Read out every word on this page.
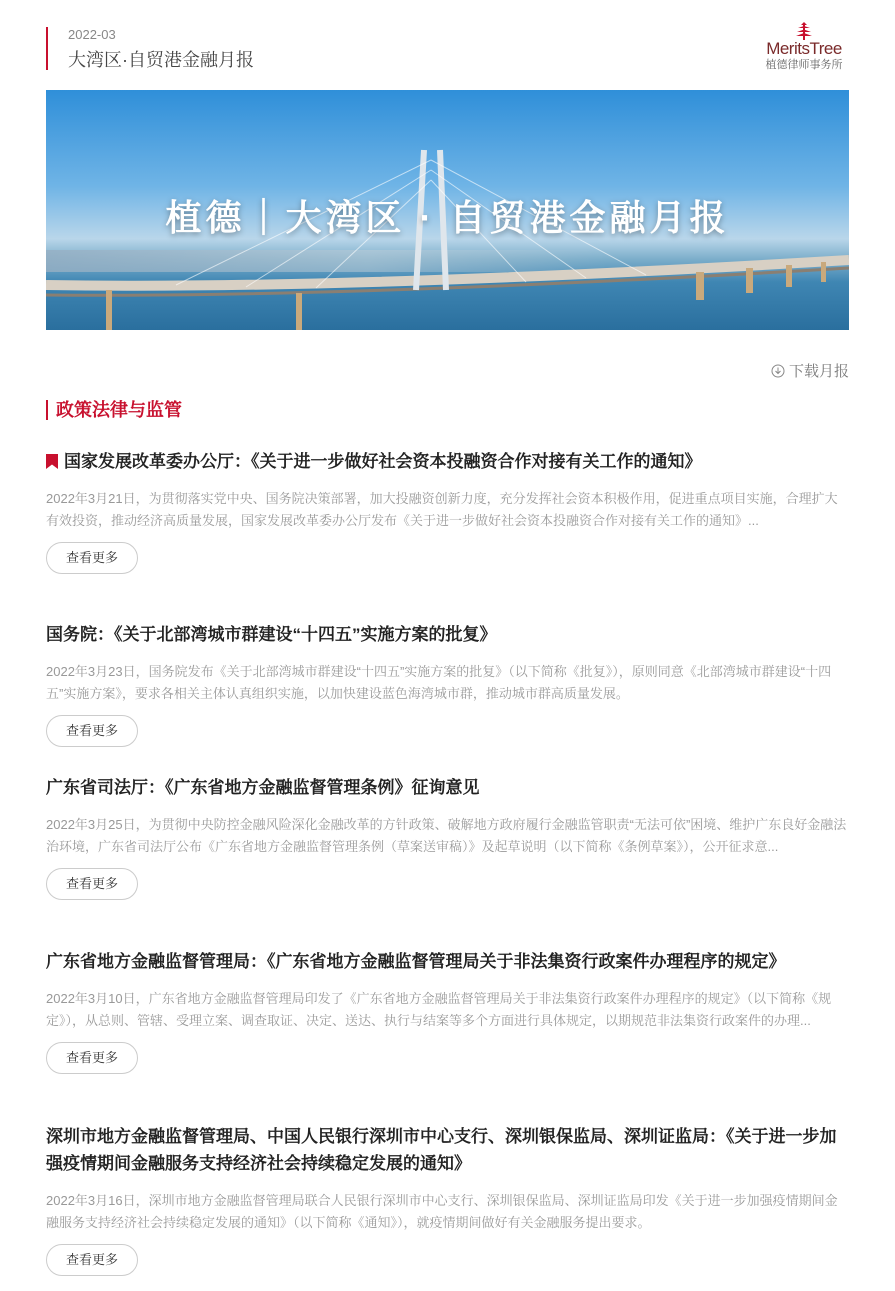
2022-03
大湾区·自贸港金融月报
MeritsTree
植德律师事务所
植德｜大湾区 · 自贸港金融月报
下载月报
政策法律与监管
国家发展改革委办公厅：《关于进一步做好社会资本投融资合作对接有关工作的通知》
2022年3月21日，为贯彻落实党中央、国务院决策部署，加大投融资创新力度，充分发挥社会资本积极作用，促进重点项目实施，合理扩大有效投资，推动经济高质量发展，国家发展改革委办公厅发布《关于进一步做好社会资本投融资合作对接有关工作的通知》...
查看更多
国务院：《关于北部湾城市群建设“十四五”实施方案的批复》
2022年3月23日，国务院发布《关于北部湾城市群建设“十四五”实施方案的批复》（以下简称《批复》），原则同意《北部湾城市群建设“十四五”实施方案》，要求各相关主体认真组织实施，以加快建设蓝色海湾城市群，推动城市群高质量发展。
查看更多
广东省司法厅：《广东省地方金融监督管理条例》征询意见
2022年3月25日，为贯彻中央防控金融风险深化金融改革的方针政策、破解地方政府履行金融监管职责“无法可依”困境、维护广东良好金融法治环境，广东省司法厅公布《广东省地方金融监督管理条例（草案送审稿）》及起草说明（以下简称《条例草案》），公开征求意...
查看更多
广东省地方金融监督管理局：《广东省地方金融监督管理局关于非法集资行政案件办理程序的规定》
2022年3月10日，广东省地方金融监督管理局印发了《广东省地方金融监督管理局关于非法集资行政案件办理程序的规定》（以下简称《规定》），从总则、管辖、受理立案、调查取证、决定、送达、执行与结案等多个方面进行具体规定，以期规范非法集资行政案件的办理...
查看更多
深圳市地方金融监督管理局、中国人民银行深圳市中心支行、深圳银保监局、深圳证监局：《关于进一步加强疫情期间金融服务支持经济社会持续稳定发展的通知》
2022年3月16日，深圳市地方金融监督管理局联合人民银行深圳市中心支行、深圳银保监局、深圳证监局印发《关于进一步加强疫情期间金融服务支持经济社会持续稳定发展的通知》（以下简称《通知》），就疫情期间做好有关金融服务提出要求。
查看更多
